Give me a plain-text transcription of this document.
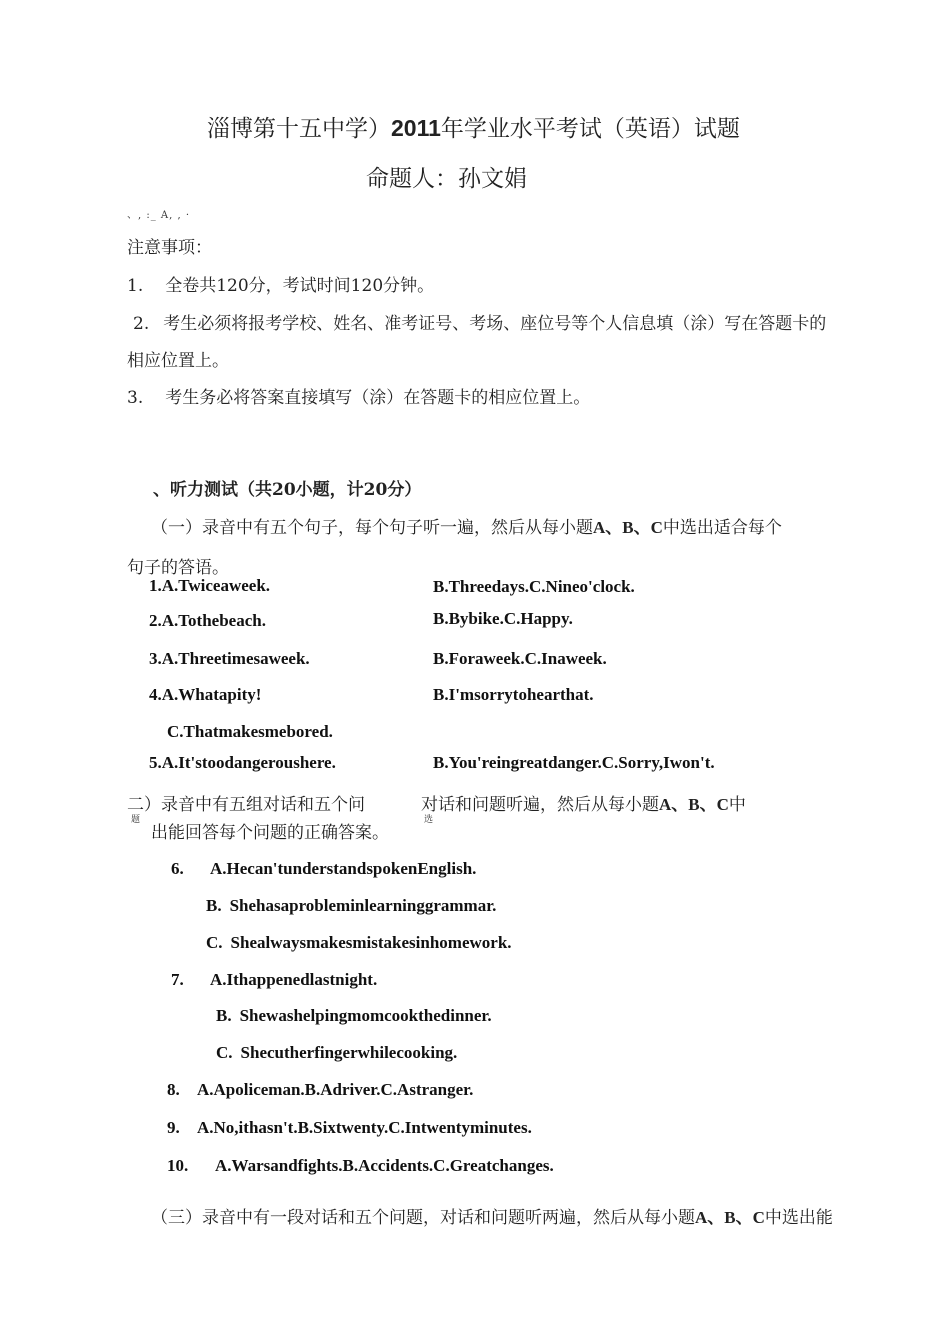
淄博第十五中学）2011年学业水平考试（英语）试题
命题人：孙文娟
、, :_ A, , ·
注意事项：
1. 全卷共120分，考试时间120分钟。
2. 考生必须将报考学校、姓名、准考证号、考场、座位号等个人信息填（涂）写在答题卡的
相应位置上。
3. 考生务必将答案直接填写（涂）在答题卡的相应位置上。
、听力测试（共20小题，计20分）
（一）录音中有五个句子，每个句子听一遍，然后从每小题A、B、C中选出适合每个
句子的答语。
1.A.Twiceaweek.	B.Threedays.C.Nineo'clock.
2.A.Tothebeach.	B.Bybike.C.Happy.
3.A.Threetimesaweek.	B.Foraweek.C.Inaweek.
4.A.Whatapity!	B.I'msorrytohearthat.
C.Thatmakesmebored.
5.A.It'stoodangeroushere.	B.You'reingreatdanger.C.Sorry,Iwon't.
二）录音中有五组对话和五个问	对话和问题听遍，然后从每小题A、B、C中
题	选
出能回答每个问题的正确答案。
6. A.Hecan'tunderstandspokenEnglish.
B. Shehasaprobleminlearninggrammar.
C. Shealwaysmakesmistakesinhomework.
7. A.Ithappenedlastnight.
B. Shewashelpingmomcookthedinner.
C. Shecutherfingerwhilecooking.
8. A.Apoliceman.B.Adriver.C.Astranger.
9. A.No,ithasn't.B.Sixtwenty.C.Intwentyminutes.
10. A.Warsandfights.B.Accidents.C.Greatchanges.
（三）录音中有一段对话和五个问题，对话和问题听两遍，然后从每小题A、B、C中选出能
